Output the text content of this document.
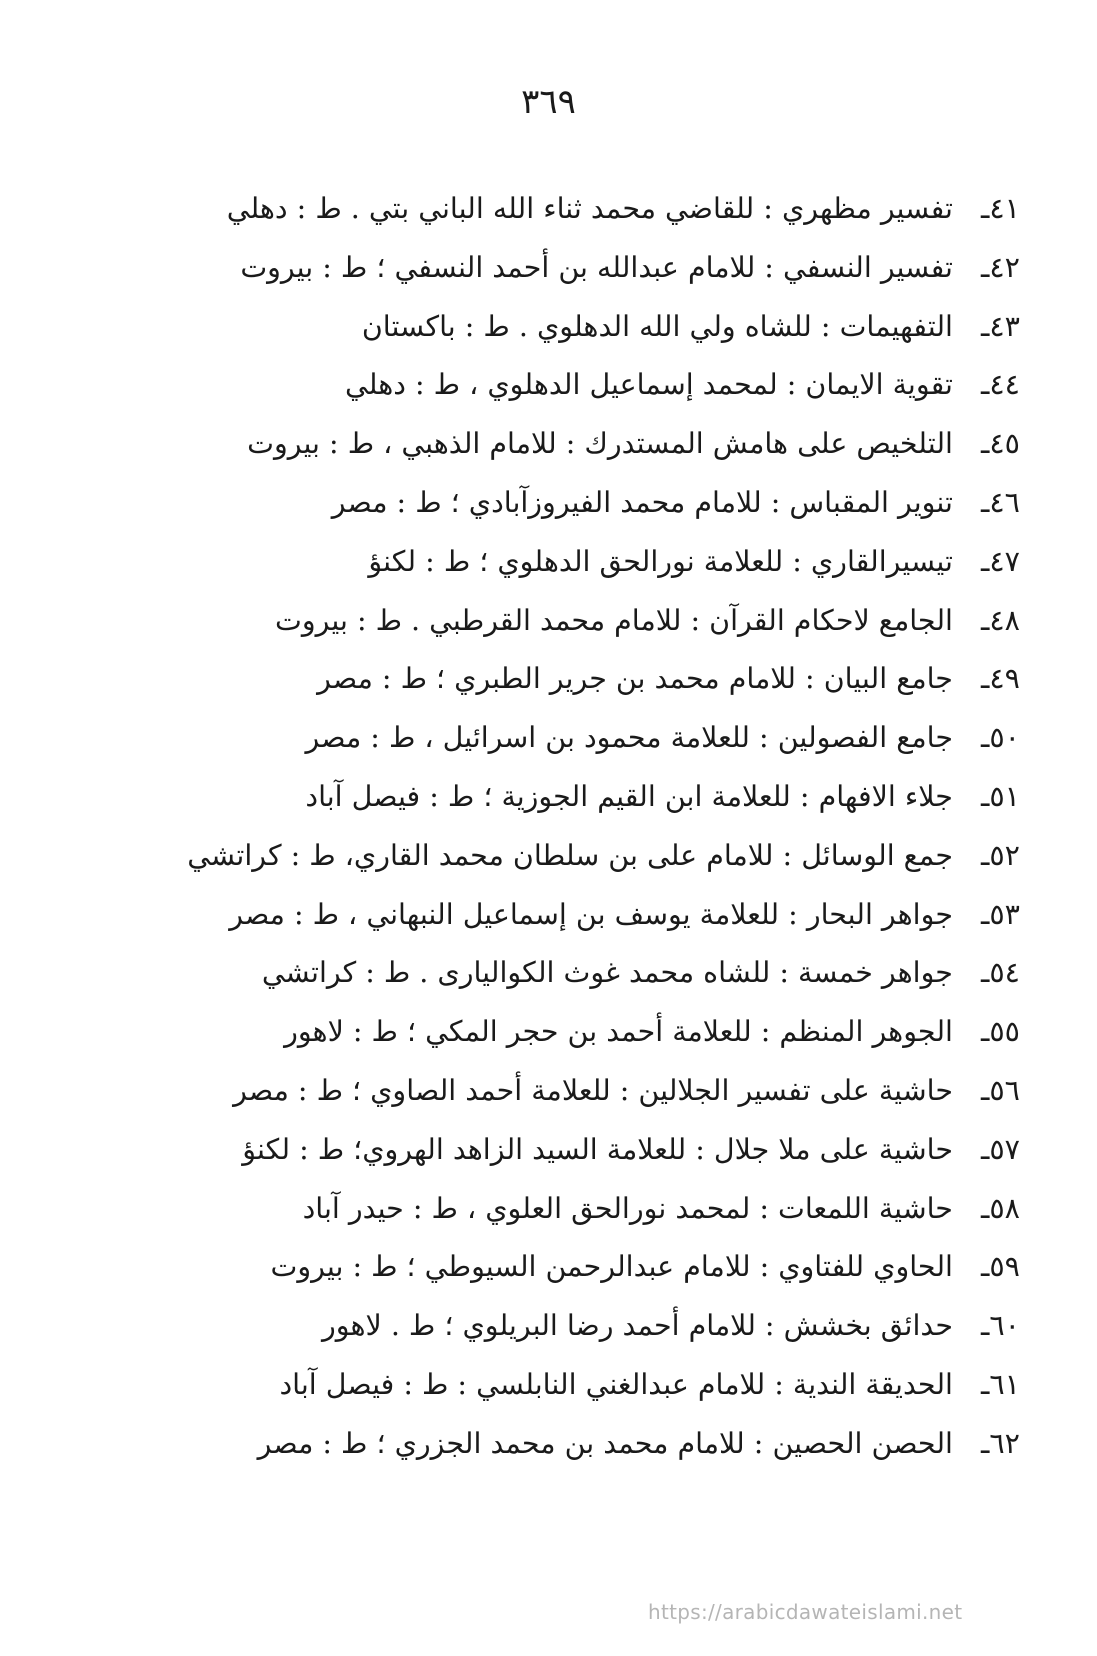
٣٦٩
٤١ـ تفسير مظهري : للقاضي محمد ثناء الله الباني بتي . ط : دهلي
٤٢ـ تفسير النسفي : للامام عبدالله بن أحمد النسفي ؛ ط : بيروت
٤٣ـ التفهيمات : للشاه ولي الله الدهلوي . ط : باكستان
٤٤ـ تقوية الايمان : لمحمد إسماعيل الدهلوي ، ط : دهلي
٤٥ـ التلخيص على هامش المستدرك : للامام الذهبي ، ط : بيروت
٤٦ـ تنوير المقباس : للامام محمد الفيروزآبادي ؛ ط : مصر
٤٧ـ تيسيرالقاري : للعلامة نورالحق الدهلوي ؛ ط : لكنؤ
٤٨ـ الجامع لاحكام القرآن : للامام محمد القرطبي . ط : بيروت
٤٩ـ جامع البيان : للامام محمد بن جرير الطبري ؛ ط : مصر
٥٠ـ جامع الفصولين : للعلامة محمود بن اسرائيل ، ط : مصر
٥١ـ جلاء الافهام : للعلامة ابن القيم الجوزية ؛ ط : فيصل آباد
٥٢ـ جمع الوسائل : للامام على بن سلطان محمد القاري، ط : كراتشي
٥٣ـ جواهر البحار : للعلامة يوسف بن إسماعيل النبهاني ، ط : مصر
٥٤ـ جواهر خمسة : للشاه محمد غوث الكواليارى . ط : كراتشي
٥٥ـ الجوهر المنظم : للعلامة أحمد بن حجر المكي ؛ ط : لاهور
٥٦ـ حاشية على تفسير الجلالين : للعلامة أحمد الصاوي ؛ ط : مصر
٥٧ـ حاشية على ملا جلال : للعلامة السيد الزاهد الهروي؛ ط : لكنؤ
٥٨ـ حاشية اللمعات : لمحمد نورالحق العلوي ، ط : حيدر آباد
٥٩ـ الحاوي للفتاوي : للامام عبدالرحمن السيوطي ؛ ط : بيروت
٦٠ـ حدائق بخشش : للامام أحمد رضا البريلوي ؛ ط . لاهور
٦١ـ الحديقة الندية : للامام عبدالغني النابلسي : ط : فيصل آباد
٦٢ـ الحصن الحصين : للامام محمد بن محمد الجزري ؛ ط : مصر
https://arabicdawateislami.net
